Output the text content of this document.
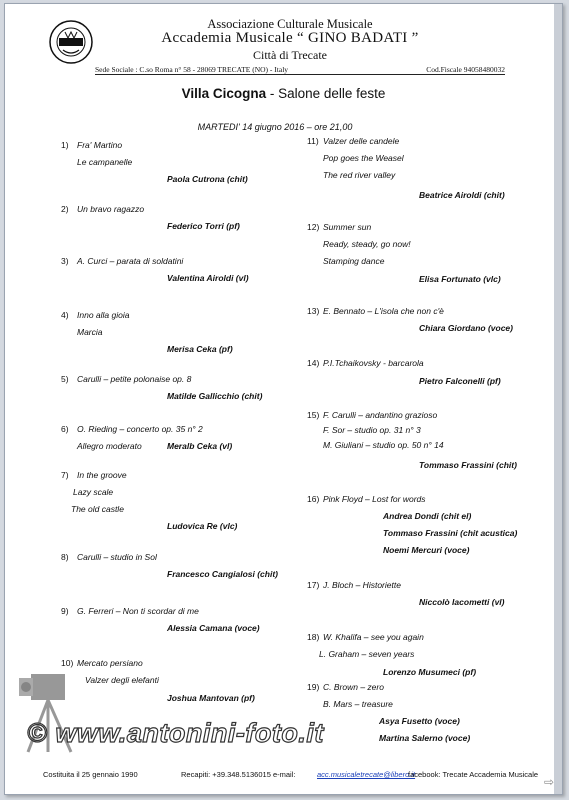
Associazione Culturale Musicale
Accademia Musicale “ GINO BADATI ”
Città di Trecate
Sede Sociale : C.so Roma n° 58 - 28069 TRECATE (NO) - Italy	Cod.Fiscale 94058480032
Villa Cicogna - Salone delle feste
MARTEDI' 14 giugno 2016 – ore 21,00
1) Fra' Martino
Le campanelle
Paola Cutrona (chit)
2) Un bravo ragazzo
Federico Torri (pf)
3) A. Curci – parata di soldatini
Valentina Airoldi (vl)
4) Inno alla gioia
Marcia
Merisa Ceka (pf)
5) Carulli – petite polonaise op. 8
Matilde Gallicchio (chit)
6) O. Rieding – concerto op. 35 n° 2
Allegro moderato	Meralb Ceka (vl)
7) In the groove
Lazy scale
The old castle
Ludovica Re (vlc)
8) Carulli – studio in Sol
Francesco Cangialosi (chit)
9) G. Ferreri – Non ti scordar di me
Alessia Camana (voce)
10) Mercato persiano
Valzer degli elefanti
Joshua Mantovan (pf)
11) Valzer delle candele
Pop goes the Weasel
The red river valley
Beatrice Airoldi (chit)
12) Summer sun
Ready, steady, go now!
Stamping dance
Elisa Fortunato (vlc)
13) E. Bennato – L'isola che non c'è
Chiara Giordano (voce)
14) P.I.Tchaikovsky - barcarola
Pietro Falconelli (pf)
15) F. Carulli – andantino grazioso
F. Sor – studio op. 31 n° 3
M. Giuliani – studio op. 50 n° 14
Tommaso Frassini (chit)
16) Pink Floyd – Lost for words
Andrea Dondi (chit el)
Tommaso Frassini (chit acustica)
Noemi Mercuri (voce)
17) J. Bloch – Historiette
Niccolò Iacometti (vl)
18) W. Khalifa – see you again
L. Graham – seven years
Lorenzo Musumeci (pf)
19) C. Brown – zero
B. Mars – treasure
Asya Fusetto (voce)
Martina Salerno (voce)
© www.antonini-foto.it
Costituita il 25 gennaio 1990	Recapiti: +39.348.5136015 e-mail:	acc.musicaletrecate@libero.it
facebook: Trecate Accademia Musicale
⇨
